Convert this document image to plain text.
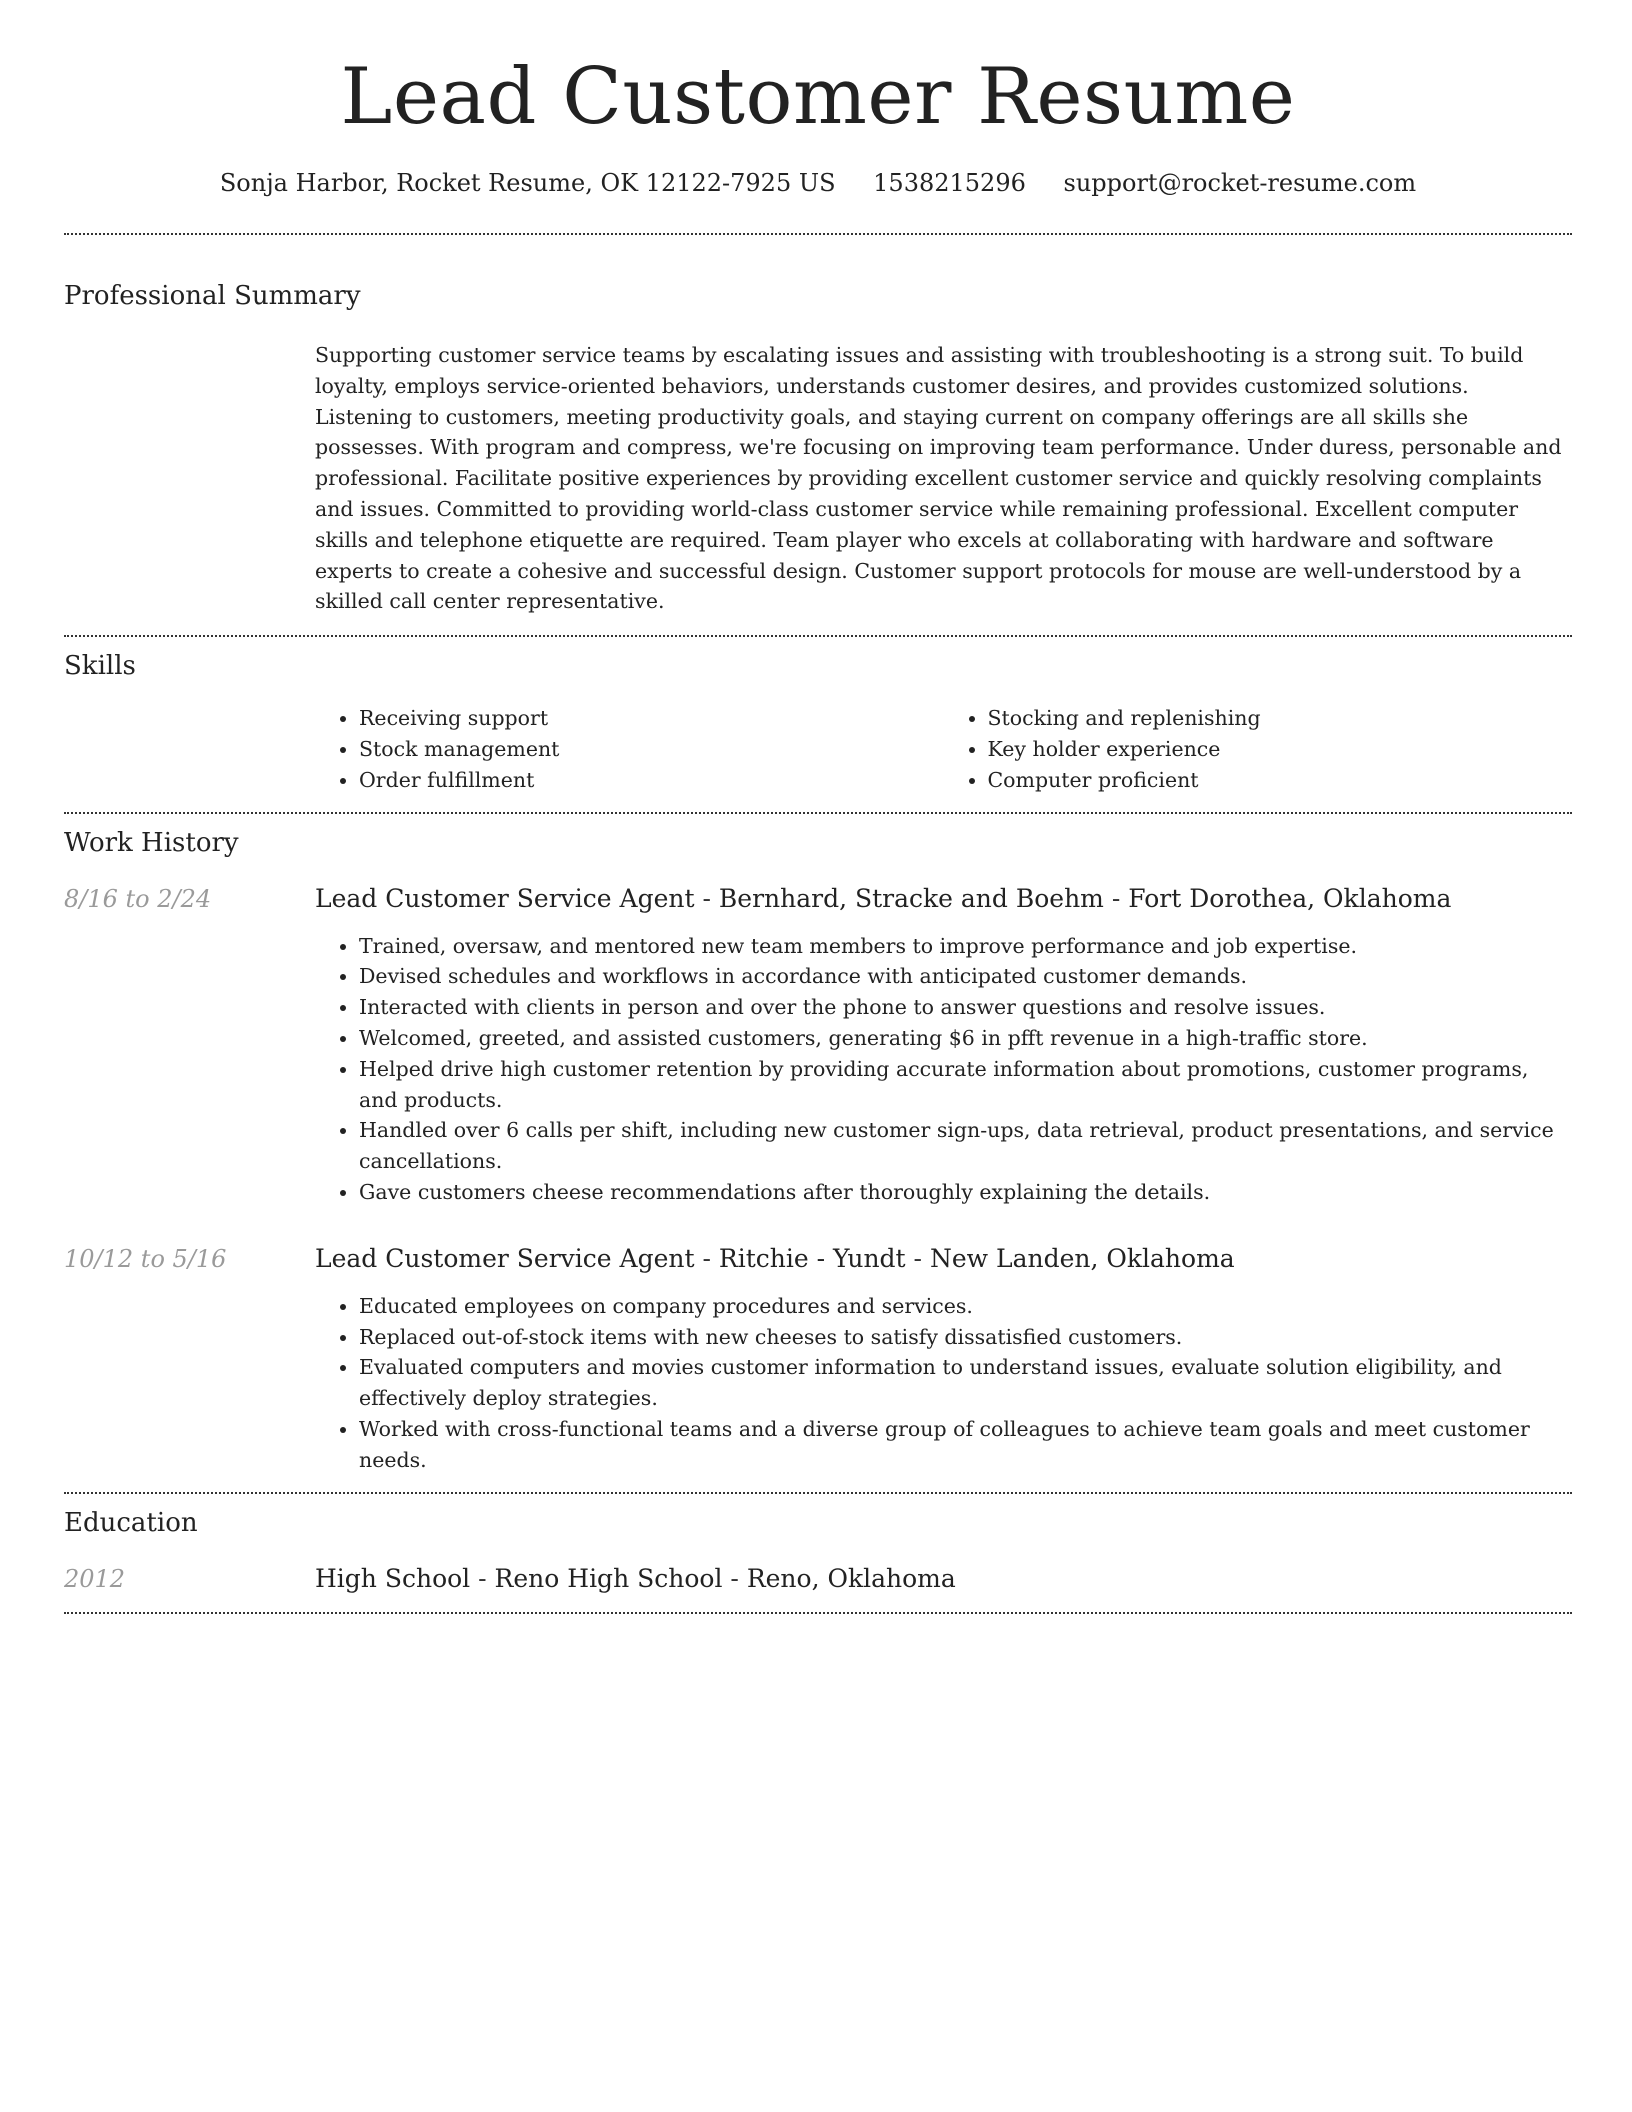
Lead Customer Resume
Sonja Harbor, Rocket Resume, OK 12122-7925 US 1538215296 support@rocket-resume.com
Professional Summary

Supporting customer service teams by escalating issues and assisting with troubleshooting is a strong suit. To build loyalty, employs service-oriented behaviors, understands customer desires, and provides customized solutions. Listening to customers, meeting productivity goals, and staying current on company offerings are all skills she possesses. With program and compress, we're focusing on improving team performance. Under duress, personable and professional. Facilitate positive experiences by providing excellent customer service and quickly resolving complaints and issues. Committed to providing world-class customer service while remaining professional. Excellent computer skills and telephone etiquette are required. Team player who excels at collaborating with hardware and software experts to create a cohesive and successful design. Customer support protocols for mouse are well-understood by a skilled call center representative.

Skills
• Receiving support
• Stock management
• Order fulfillment
• Stocking and replenishing
• Key holder experience
• Computer proficient
Work History
8/16 to 2/24	Lead Customer Service Agent - Bernhard, Stracke and Boehm - Fort Dorothea, Oklahoma
• Trained, oversaw, and mentored new team members to improve performance and job expertise.
• Devised schedules and workflows in accordance with anticipated customer demands.
• Interacted with clients in person and over the phone to answer questions and resolve issues.
• Welcomed, greeted, and assisted customers, generating $6 in pfft revenue in a high-traffic store.
• Helped drive high customer retention by providing accurate information about promotions, customer programs, and products.
• Handled over 6 calls per shift, including new customer sign-ups, data retrieval, product presentations, and service cancellations.
• Gave customers cheese recommendations after thoroughly explaining the details.
10/12 to 5/16	Lead Customer Service Agent - Ritchie - Yundt - New Landen, Oklahoma
• Educated employees on company procedures and services.
• Replaced out-of-stock items with new cheeses to satisfy dissatisfied customers.
• Evaluated computers and movies customer information to understand issues, evaluate solution eligibility, and effectively deploy strategies.
• Worked with cross-functional teams and a diverse group of colleagues to achieve team goals and meet customer needs.
Education
2012	High School - Reno High School - Reno, Oklahoma
